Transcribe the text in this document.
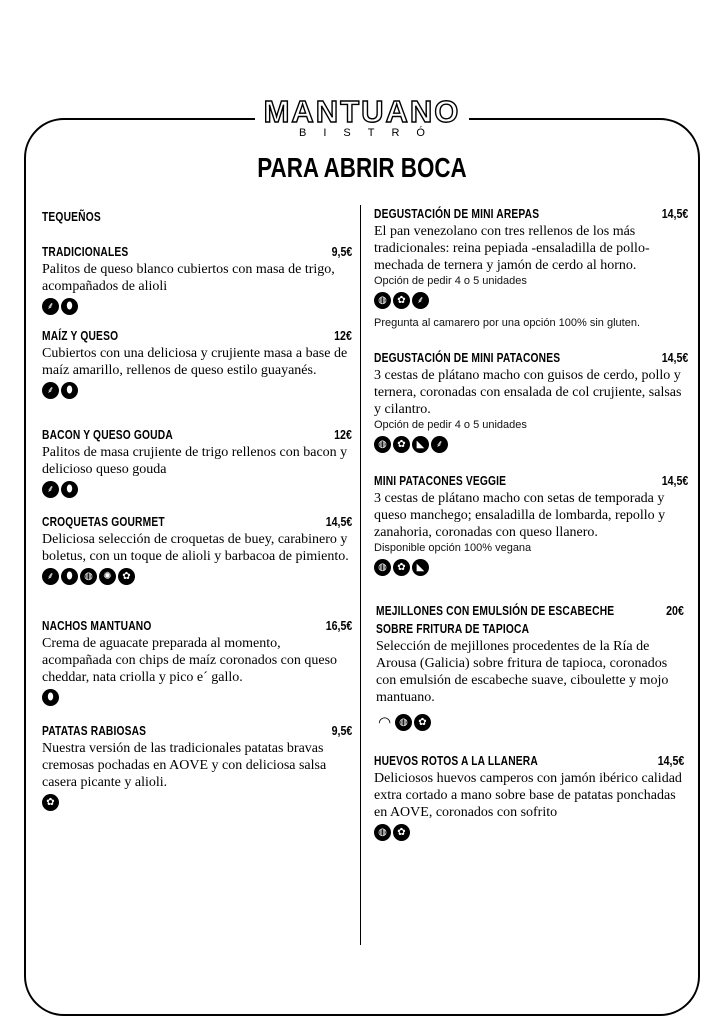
MANTUANO
BISTRÓ
PARA ABRIR BOCA
TEQUEÑOS
TRADICIONALES	9,5€
Palitos de queso blanco cubiertos con masa de trigo, acompañados de alioli
⸙	⬮
MAÍZ Y QUESO	12€
Cubiertos con una deliciosa y crujiente masa a base de maíz amarillo, rellenos de queso estilo guayanés.
⸙	⬮
BACON Y QUESO GOUDA	12€
Palitos de masa crujiente de trigo rellenos con bacon y delicioso queso gouda
⸙	⬮
CROQUETAS GOURMET	14,5€
Deliciosa selección de croquetas de buey, carabinero y boletus, con un toque de alioli y barbacoa de pimiento.
⸙	⬮	◍	✺	✿
NACHOS MANTUANO	16,5€
Crema de aguacate preparada al momento, acompañada con chips de maíz coronados con queso cheddar, nata criolla y pico e´ gallo.
⬮
PATATAS RABIOSAS	9,5€
Nuestra versión de las tradicionales patatas bravas cremosas pochadas en AOVE y con deliciosa salsa casera picante y alioli.
✿
DEGUSTACIÓN DE MINI AREPAS	14,5€
El pan venezolano con tres rellenos de los más tradicionales: reina pepiada -ensaladilla de pollo- mechada de ternera y jamón de cerdo al horno.
Opción de pedir 4 o 5 unidades
◍	✿	⸙
Pregunta al camarero por una opción 100% sin gluten.
DEGUSTACIÓN DE MINI PATACONES	14,5€
3 cestas de plátano macho con guisos de cerdo, pollo y ternera, coronadas con ensalada de col crujiente, salsas y cilantro.
Opción de pedir 4 o 5 unidades
◍	✿	◣	⸙
MINI PATACONES VEGGIE	14,5€
3 cestas de plátano macho con setas de temporada y queso manchego; ensaladilla de lombarda, repollo y zanahoria, coronadas con queso llanero.
Disponible opción 100% vegana
◍	✿	◣
MEJILLONES CON EMULSIÓN DE ESCABECHE
SOBRE FRITURA DE TAPIOCA
20€
Selección de mejillones procedentes de la Ría de Arousa (Galicia) sobre fritura de tapioca, coronados con emulsión de escabeche suave, ciboulette y mojo mantuano.
◠ ◍	✿
HUEVOS ROTOS A LA LLANERA	14,5€
Deliciosos huevos camperos con jamón ibérico calidad extra cortado a mano sobre base de patatas ponchadas en AOVE, coronados con sofrito
◍	✿
